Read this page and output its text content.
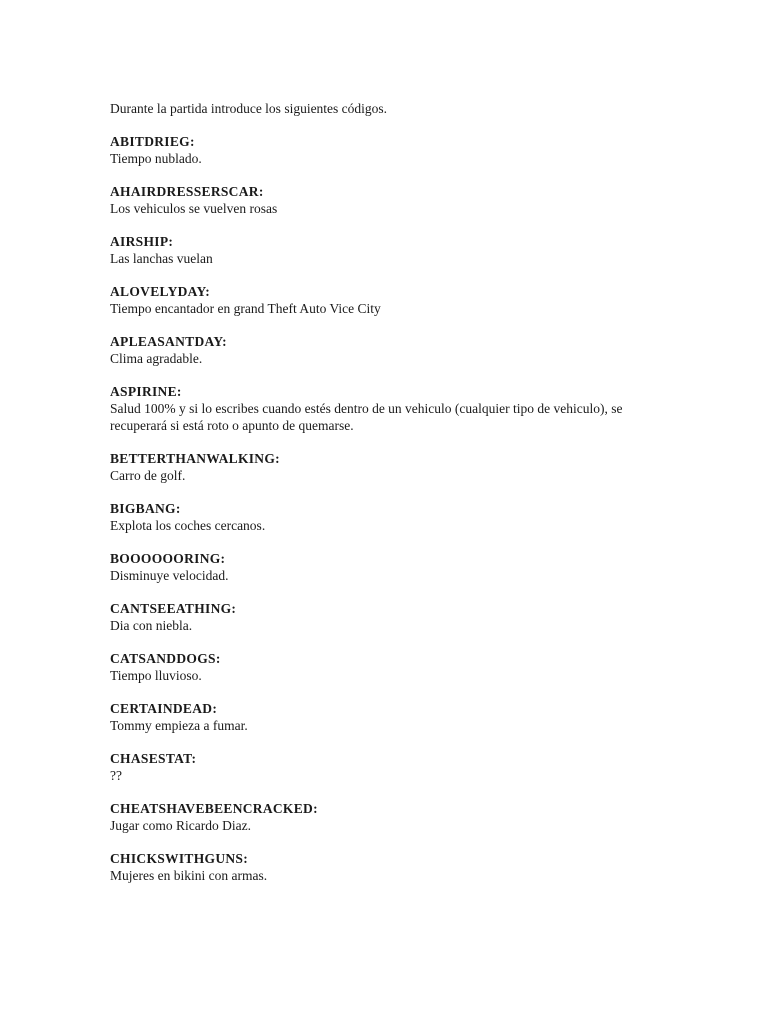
Durante la partida introduce los siguientes códigos.

ABITDRIEG:
Tiempo nublado.
AHAIRDRESSERSCAR:
Los vehiculos se vuelven rosas
AIRSHIP:
Las lanchas vuelan
ALOVELYDAY:
Tiempo encantador en grand Theft Auto Vice City
APLEASANTDAY:
Clima agradable.
ASPIRINE:
Salud 100% y si lo escribes cuando estés dentro de un vehiculo (cualquier tipo de vehiculo), se recuperará si está roto o apunto de quemarse.
BETTERTHANWALKING:
Carro de golf.
BIGBANG:
Explota los coches cercanos.
BOOOOOORING:
Disminuye velocidad.
CANTSEEATHING:
Dia con niebla.
CATSANDDOGS:
Tiempo lluvioso.
CERTAINDEAD:
Tommy empieza a fumar.
CHASESTAT:
??
CHEATSHAVEBEENCRACKED:
Jugar como Ricardo Diaz.
CHICKSWITHGUNS:
Mujeres en bikini con armas.
